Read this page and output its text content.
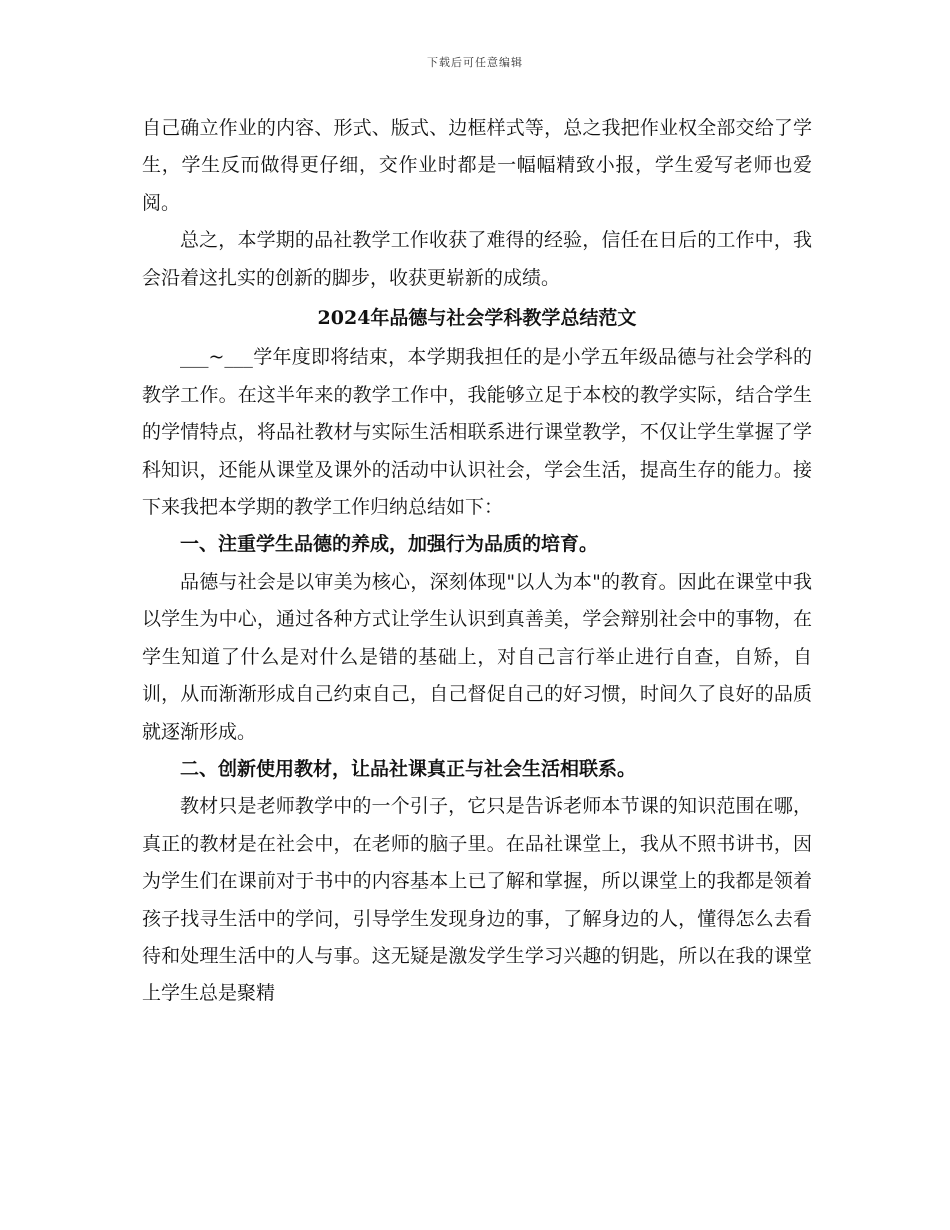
下载后可任意编辑

自己确立作业的内容、形式、版式、边框样式等，总之我把作业权全部交给了学生，学生反而做得更仔细，交作业时都是一幅幅精致小报，学生爱写老师也爱阅。

总之，本学期的品社教学工作收获了难得的经验，信任在日后的工作中，我会沿着这扎实的创新的脚步，收获更崭新的成绩。

2024年品德与社会学科教学总结范文

___~___学年度即将结束，本学期我担任的是小学五年级品德与社会学科的教学工作。在这半年来的教学工作中，我能够立足于本校的教学实际，结合学生的学情特点，将品社教材与实际生活相联系进行课堂教学，不仅让学生掌握了学科知识，还能从课堂及课外的活动中认识社会，学会生活，提高生存的能力。接下来我把本学期的教学工作归纳总结如下：

一、注重学生品德的养成，加强行为品质的培育。

品德与社会是以审美为核心，深刻体现"以人为本"的教育。因此在课堂中我以学生为中心，通过各种方式让学生认识到真善美，学会辩别社会中的事物，在学生知道了什么是对什么是错的基础上，对自己言行举止进行自查，自矫，自训，从而渐渐形成自己约束自己，自己督促自己的好习惯，时间久了良好的品质就逐渐形成。

二、创新使用教材，让品社课真正与社会生活相联系。

教材只是老师教学中的一个引子，它只是告诉老师本节课的知识范围在哪，真正的教材是在社会中，在老师的脑子里。在品社课堂上，我从不照书讲书，因为学生们在课前对于书中的内容基本上已了解和掌握，所以课堂上的我都是领着孩子找寻生活中的学问，引导学生发现身边的事，了解身边的人，懂得怎么去看待和处理生活中的人与事。这无疑是激发学生学习兴趣的钥匙，所以在我的课堂上学生总是聚精
